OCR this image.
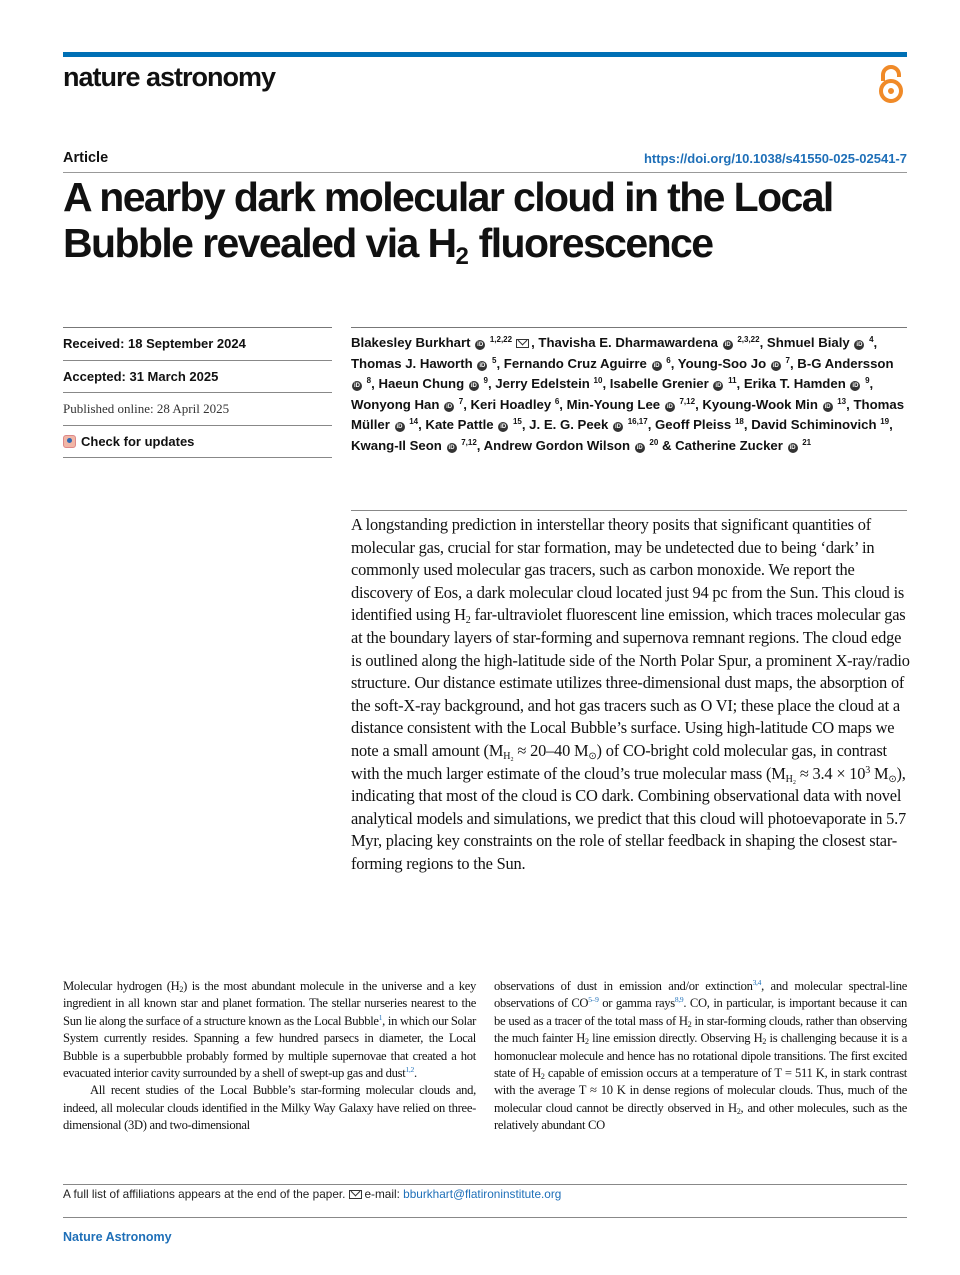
nature astronomy
Article	https://doi.org/10.1038/s41550-025-02541-7
A nearby dark molecular cloud in the Local Bubble revealed via $H_2$ fluorescence
Received: 18 September 2024
Accepted: 31 March 2025
Published online: 28 April 2025
Check for updates

Blakesley Burkhart iD $^{1,2,22}$ , Thavisha E. Dharmawardena iD $^{2,3,22}$, Shmuel Bialy iD $^4$, Thomas J. Haworth iD $^5$, Fernando Cruz Aguirre iD $^6$, Young-Soo Jo iD $^7$, B-G Andersson iD $^8$, Haeun Chung iD $^9$, Jerry Edelstein $^{10}$, Isabelle Grenier iD $^{11}$, Erika T. Hamden iD $^9$, Wonyong Han iD $^7$, Keri Hoadley $^6$, Min-Young Lee iD $^{7,12}$, Kyoung-Wook Min iD $^{13}$, Thomas Müller iD $^{14}$, Kate Pattle iD $^{15}$, J. E. G. Peek iD $^{16,17}$, Geoff Pleiss $^{18}$, David Schiminovich $^{19}$, Kwang-Il Seon iD $^{7,12}$, Andrew Gordon Wilson iD $^{20}$ & Catherine Zucker iD $^{21}$

A longstanding prediction in interstellar theory posits that significant quantities of molecular gas, crucial for star formation, may be undetected due to being ‘dark’ in commonly used molecular gas tracers, such as carbon monoxide. We report the discovery of Eos, a dark molecular cloud located just 94 pc from the Sun. This cloud is identified using $H_2$ far-ultraviolet fluorescent line emission, which traces molecular gas at the boundary layers of star-forming and supernova remnant regions. The cloud edge is outlined along the high-latitude side of the North Polar Spur, a prominent X-ray/radio structure. Our distance estimate utilizes three-dimensional dust maps, the absorption of the soft-X-ray background, and hot gas tracers such as O VI; these place the cloud at a distance consistent with the Local Bubble’s surface. Using high-latitude CO maps we note a small amount ($M_{H_2} \approx 20-40$ $M_⊙$) of CO-bright cold molecular gas, in contrast with the much larger estimate of the cloud’s true molecular mass ($M_{H_2} \approx 3.4 \times 10^3$ $M_⊙$), indicating that most of the cloud is CO dark. Combining observational data with novel analytical models and simulations, we predict that this cloud will photoevaporate in 5.7 Myr, placing key constraints on the role of stellar feedback in shaping the closest star-forming regions to the Sun.

Molecular hydrogen $(H_2)$ is the most abundant molecule in the universe and a key ingredient in all known star and planet formation. The stellar nurseries nearest to the Sun lie along the surface of a structure known as the Local Bubble$^1$, in which our Solar System currently resides. Spanning a few hundred parsecs in diameter, the Local Bubble is a superbubble probably formed by multiple supernovae that created a hot evacuated interior cavity surrounded by a shell of swept-up gas and dust$^{1,2}$.

All recent studies of the Local Bubble’s star-forming molecular clouds and, indeed, all molecular clouds identified in the Milky Way Galaxy have relied on three-dimensional (3D) and two-dimensional

observations of dust in emission and/or extinction$^{3,4}$, and molecular spectral-line observations of CO$^{5-9}$ or gamma rays$^{8,9}$. CO, in particular, is important because it can be used as a tracer of the total mass of $H_2$ in star-forming clouds, rather than observing the much fainter $H_2$ line emission directly. Observing $H_2$ is challenging because it is a homonuclear molecule and hence has no rotational dipole transitions. The first excited state of $H_2$ capable of emission occurs at a temperature of T = 511 K, in stark contrast with the average T ≈ 10 K in dense regions of molecular clouds. Thus, much of the molecular cloud cannot be directly observed in $H_2$, and other molecules, such as the relatively abundant CO

A full list of affiliations appears at the end of the paper. e-mail: bburkhart@flatironinstitute.org
Nature Astronomy
